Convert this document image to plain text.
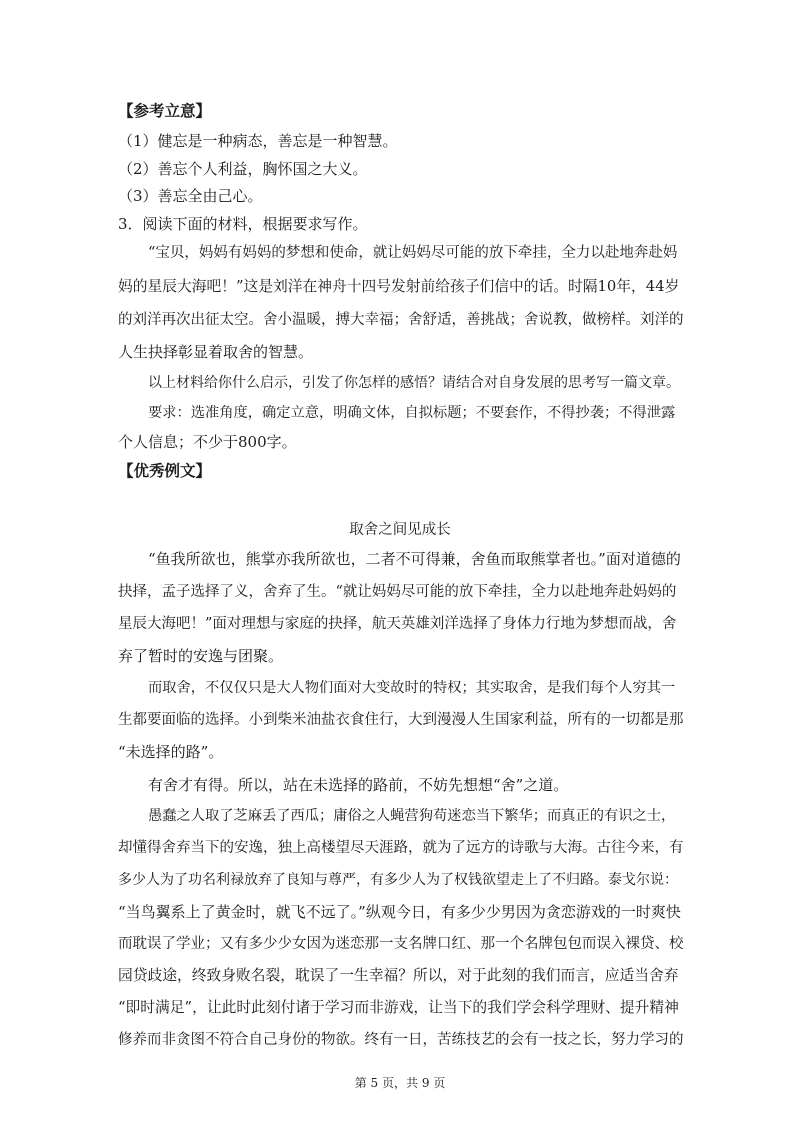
【参考立意】
（1）健忘是一种病态，善忘是一种智慧。
（2）善忘个人利益，胸怀国之大义。
（3）善忘全由己心。
3．阅读下面的材料，根据要求写作。
“宝贝，妈妈有妈妈的梦想和使命，就让妈妈尽可能的放下牵挂，全力以赴地奔赴妈
妈的星辰大海吧！”这是刘洋在神舟十四号发射前给孩子们信中的话。时隔10年，44岁
的刘洋再次出征太空。舍小温暖，搏大幸福；舍舒适，善挑战；舍说教，做榜样。刘洋的
人生抉择彰显着取舍的智慧。
以上材料给你什么启示，引发了你怎样的感悟？请结合对自身发展的思考写一篇文章。
要求：选准角度，确定立意，明确文体，自拟标题；不要套作，不得抄袭；不得泄露
个人信息；不少于800字。
【优秀例文】
取舍之间见成长
“鱼我所欲也，熊掌亦我所欲也，二者不可得兼，舍鱼而取熊掌者也。”面对道德的
抉择，孟子选择了义，舍弃了生。“就让妈妈尽可能的放下牵挂，全力以赴地奔赴妈妈的
星辰大海吧！”面对理想与家庭的抉择，航天英雄刘洋选择了身体力行地为梦想而战，舍
弃了暂时的安逸与团聚。
而取舍，不仅仅只是大人物们面对大变故时的特权；其实取舍，是我们每个人穷其一
生都要面临的选择。小到柴米油盐衣食住行，大到漫漫人生国家利益，所有的一切都是那
“未选择的路”。
有舍才有得。所以，站在未选择的路前，不妨先想想“舍”之道。
愚蠢之人取了芝麻丢了西瓜；庸俗之人蝇营狗苟迷恋当下繁华；而真正的有识之士，
却懂得舍弃当下的安逸，独上高楼望尽天涯路，就为了远方的诗歌与大海。古往今来，有
多少人为了功名利禄放弃了良知与尊严，有多少人为了权钱欲望走上了不归路。泰戈尔说：
“当鸟翼系上了黄金时，就飞不远了。”纵观今日，有多少少男因为贪恋游戏的一时爽快
而耽误了学业；又有多少少女因为迷恋那一支名牌口红、那一个名牌包包而误入裸贷、校
园贷歧途，终致身败名裂，耽误了一生幸福？所以，对于此刻的我们而言，应适当舍弃
“即时满足”，让此时此刻付诸于学习而非游戏，让当下的我们学会科学理财、提升精神
修养而非贪图不符合自己身份的物欲。终有一日，苦练技艺的会有一技之长，努力学习的
第 5 页，共 9 页
